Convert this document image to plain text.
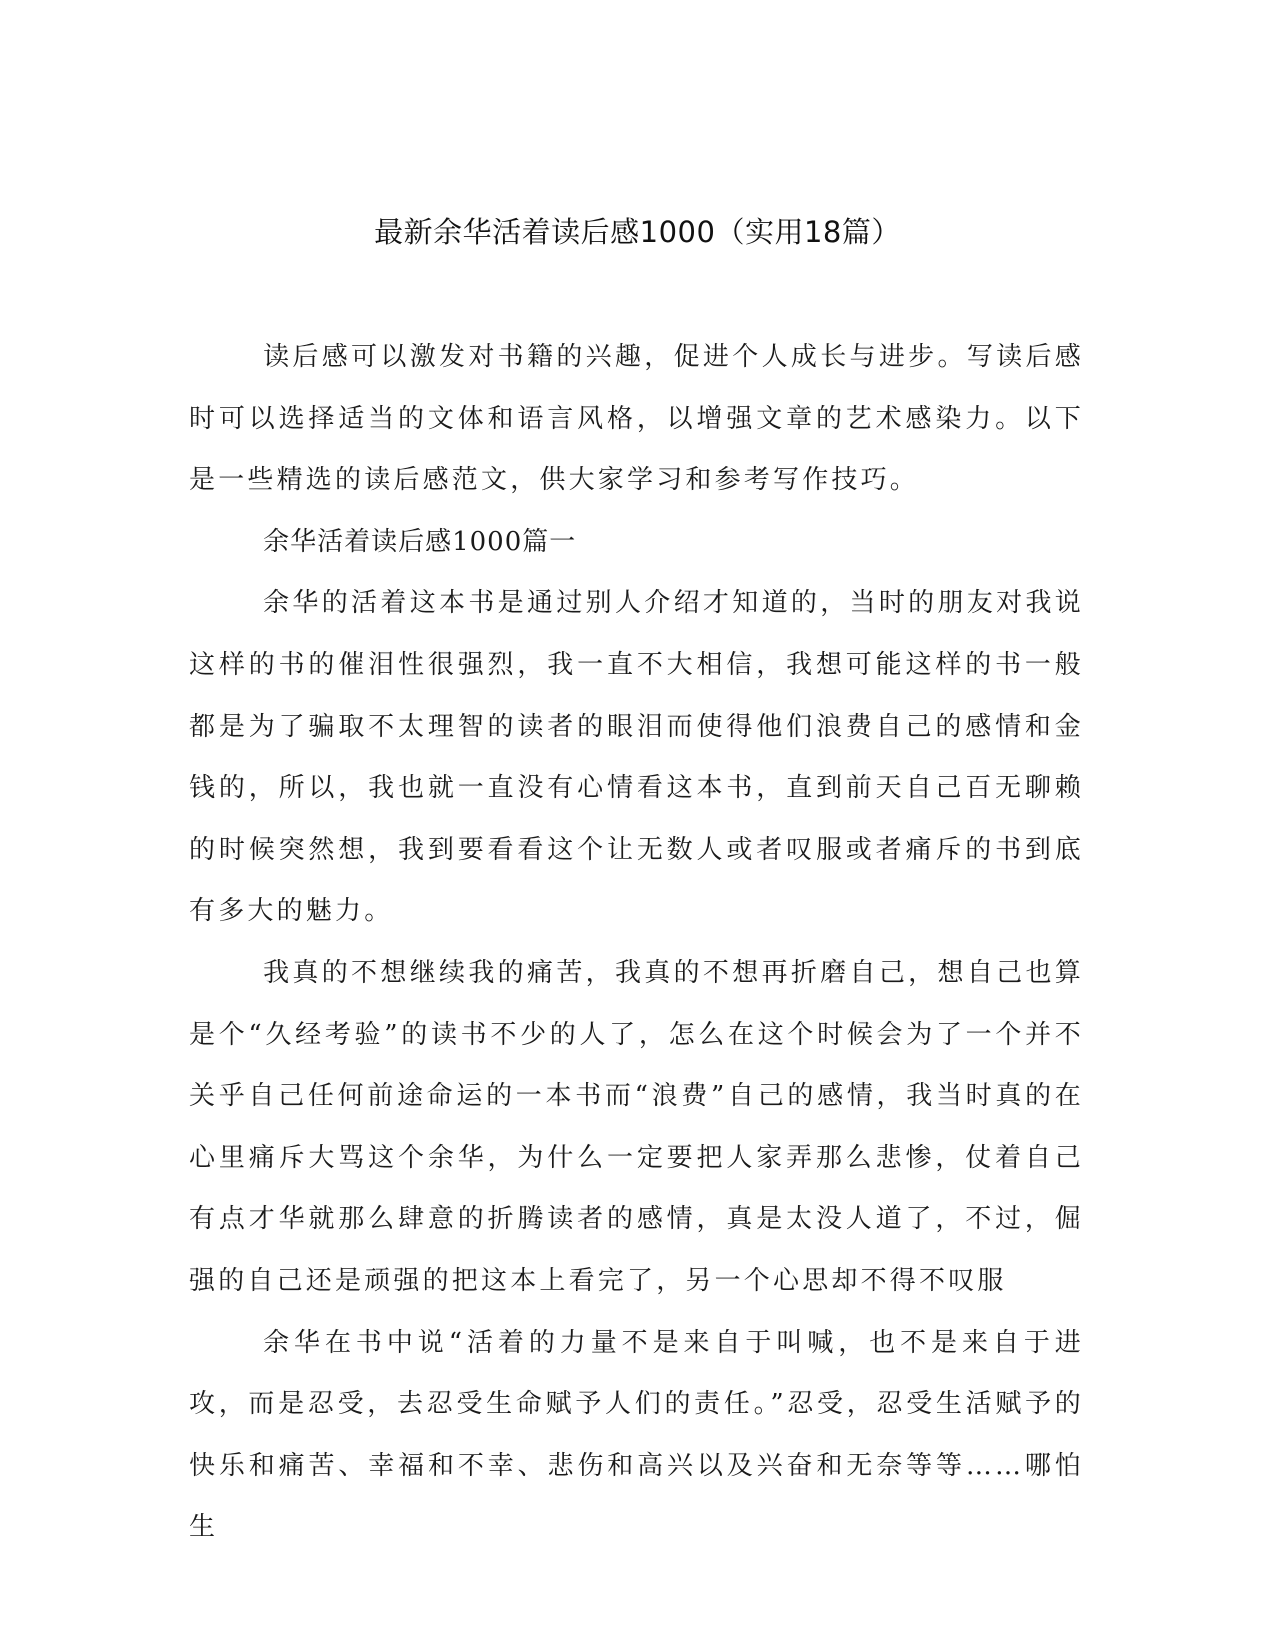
最新余华活着读后感1000（实用18篇）

读后感可以激发对书籍的兴趣，促进个人成长与进步。写读后感时可以选择适当的文体和语言风格，以增强文章的艺术感染力。以下是一些精选的读后感范文，供大家学习和参考写作技巧。

余华活着读后感1000篇一

余华的活着这本书是通过别人介绍才知道的，当时的朋友对我说这样的书的催泪性很强烈，我一直不大相信，我想可能这样的书一般都是为了骗取不太理智的读者的眼泪而使得他们浪费自己的感情和金钱的，所以，我也就一直没有心情看这本书，直到前天自己百无聊赖的时候突然想，我到要看看这个让无数人或者叹服或者痛斥的书到底有多大的魅力。

我真的不想继续我的痛苦，我真的不想再折磨自己，想自己也算是个“久经考验”的读书不少的人了，怎么在这个时候会为了一个并不关乎自己任何前途命运的一本书而“浪费”自己的感情，我当时真的在心里痛斥大骂这个余华，为什么一定要把人家弄那么悲惨，仗着自己有点才华就那么肆意的折腾读者的感情，真是太没人道了，不过，倔强的自己还是顽强的把这本上看完了，另一个心思却不得不叹服

余华在书中说“活着的力量不是来自于叫喊，也不是来自于进攻，而是忍受，去忍受生命赋予人们的责任。”忍受，忍受生活赋予的快乐和痛苦、幸福和不幸、悲伤和高兴以及兴奋和无奈等等……哪怕生
